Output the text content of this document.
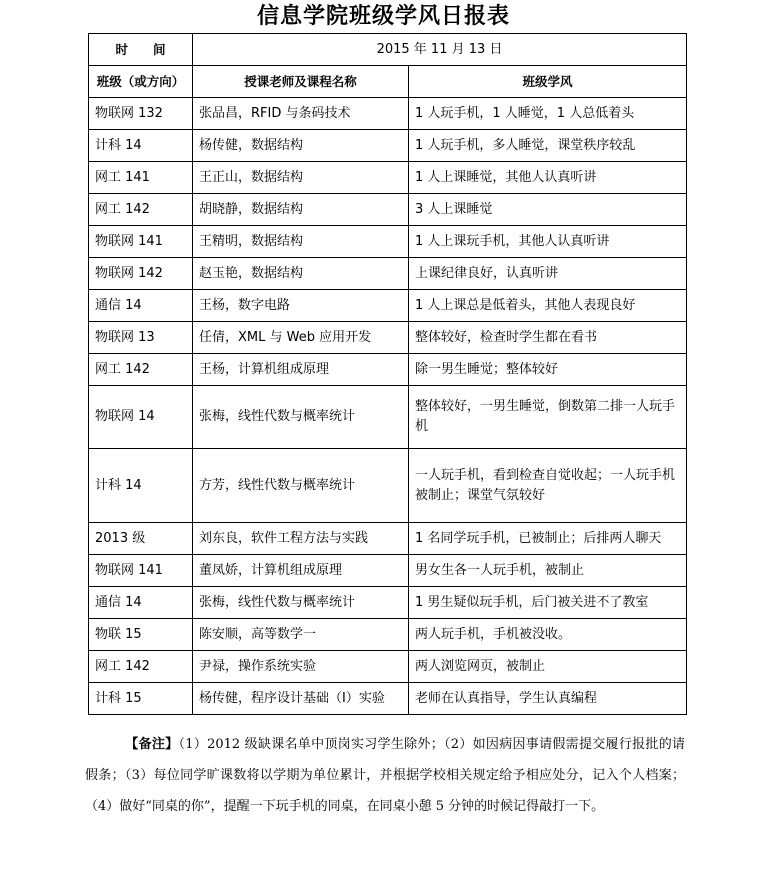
信息学院班级学风日报表
时　　间	2015 年 11 月 13 日	
班级（或方向）	授课老师及课程名称	班级学风
物联网 132	张品昌，RFID 与条码技术	1 人玩手机，1 人睡觉，1 人总低着头
计科 14	杨传健，数据结构	1 人玩手机，多人睡觉，课堂秩序较乱
网工 141	王正山，数据结构	1 人上课睡觉，其他人认真听讲
网工 142	胡晓静，数据结构	3 人上课睡觉
物联网 141	王精明，数据结构	1 人上课玩手机，其他人认真听讲
物联网 142	赵玉艳，数据结构	上课纪律良好，认真听讲
通信 14	王杨，数字电路	1 人上课总是低着头，其他人表现良好
物联网 13	任倩，XML 与 Web 应用开发	整体较好，检查时学生都在看书
网工 142	王杨，计算机组成原理	除一男生睡觉；整体较好
物联网 14	张梅，线性代数与概率统计	整体较好，一男生睡觉，倒数第二排一人玩手机
计科 14	方芳，线性代数与概率统计	一人玩手机，看到检查自觉收起；一人玩手机被制止；课堂气氛较好
2013 级	刘东良，软件工程方法与实践	1 名同学玩手机，已被制止；后排两人聊天
物联网 141	董凤娇，计算机组成原理	男女生各一人玩手机，被制止
通信 14	张梅，线性代数与概率统计	1 男生疑似玩手机，后门被关进不了教室
物联 15	陈安顺，高等数学一	两人玩手机，手机被没收。
网工 142	尹禄，操作系统实验	两人浏览网页，被制止
计科 15	杨传健，程序设计基础（I）实验	老师在认真指导，学生认真编程
【备注】（1）2012 级缺课名单中顶岗实习学生除外；（2）如因病因事请假需提交履行报批的请假条；（3）每位同学旷课数将以学期为单位累计，并根据学校相关规定给予相应处分，记入个人档案；（4）做好“同桌的你”，提醒一下玩手机的同桌，在同桌小憩 5 分钟的时候记得敲打一下。
